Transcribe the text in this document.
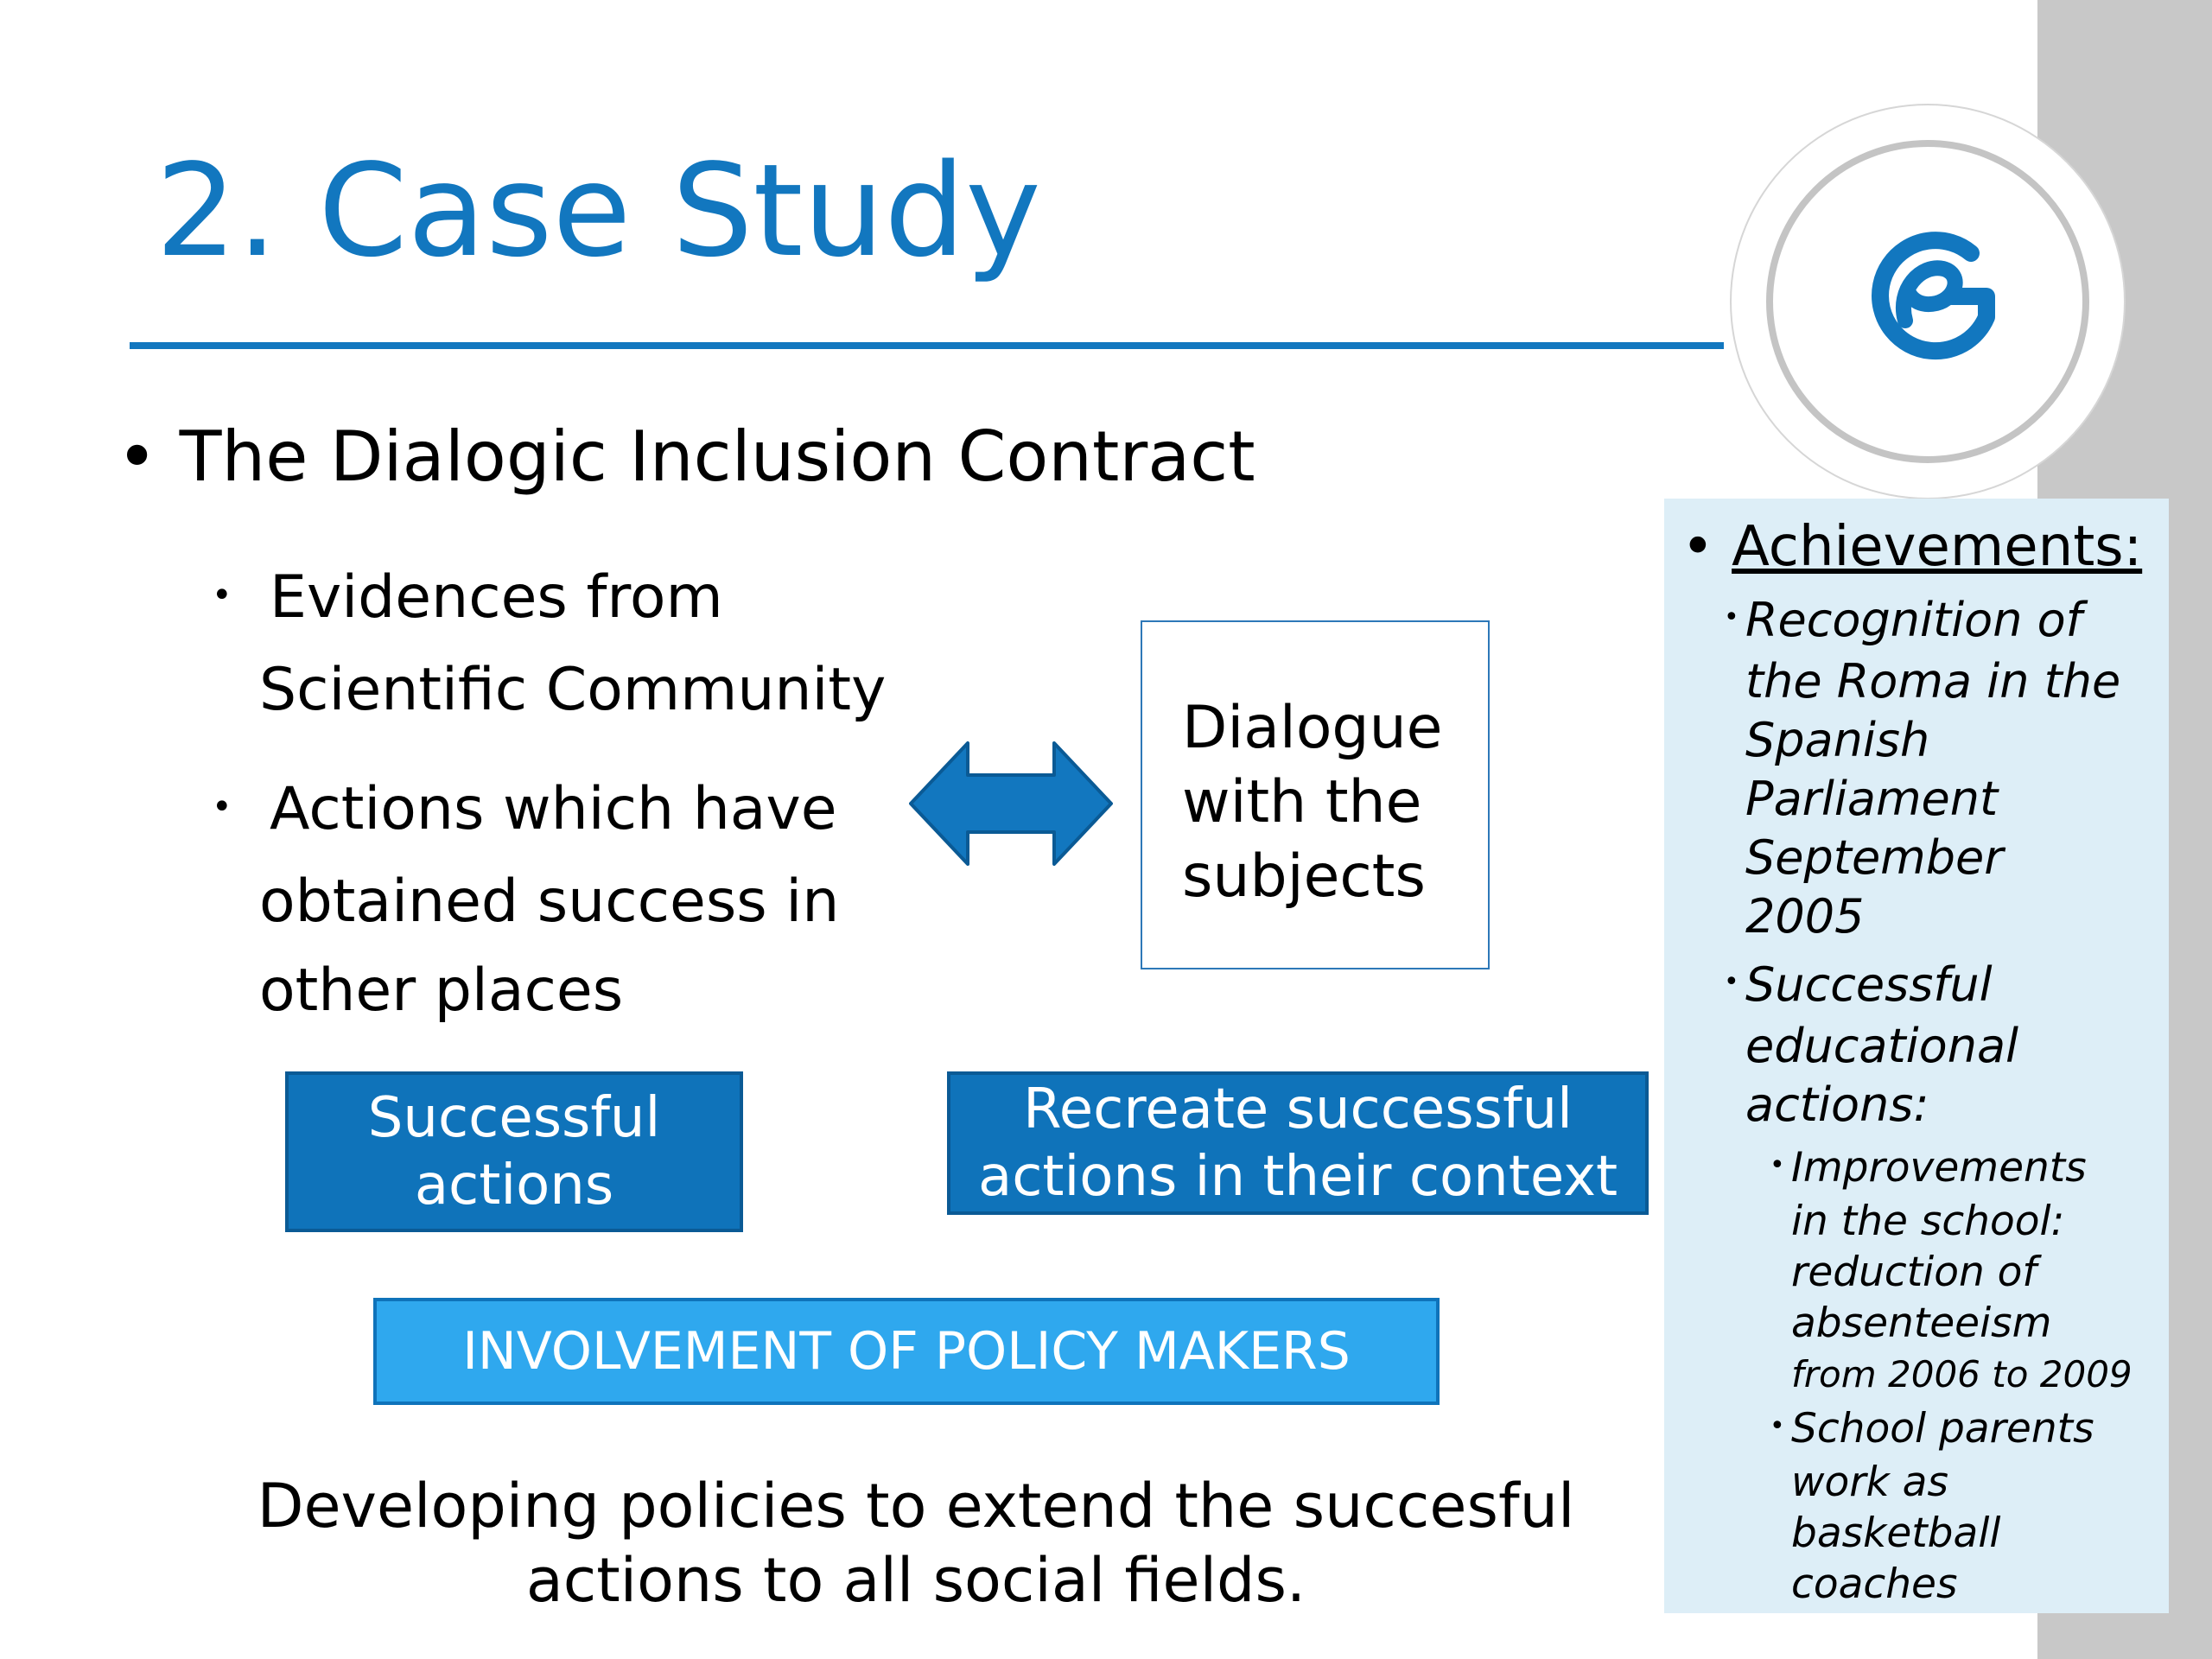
2. Case Study
• The Dialogic Inclusion Contract
• Evidences from
Scientific Community
• Actions which have
obtained success in
other places
Dialogue
with the
subjects
Successful
actions
Recreate successful
actions in their context
INVOLVEMENT OF POLICY MAKERS
Developing policies to extend the succesful
actions to all social fields.
• Achievements:
• Recognition of
the Roma in the
Spanish
Parliament
September
2005
• Successful
educational
actions:
• Improvements
in the school:
reduction of
absenteeism
from 2006 to 2009
• School parents
work as
basketball
coaches
